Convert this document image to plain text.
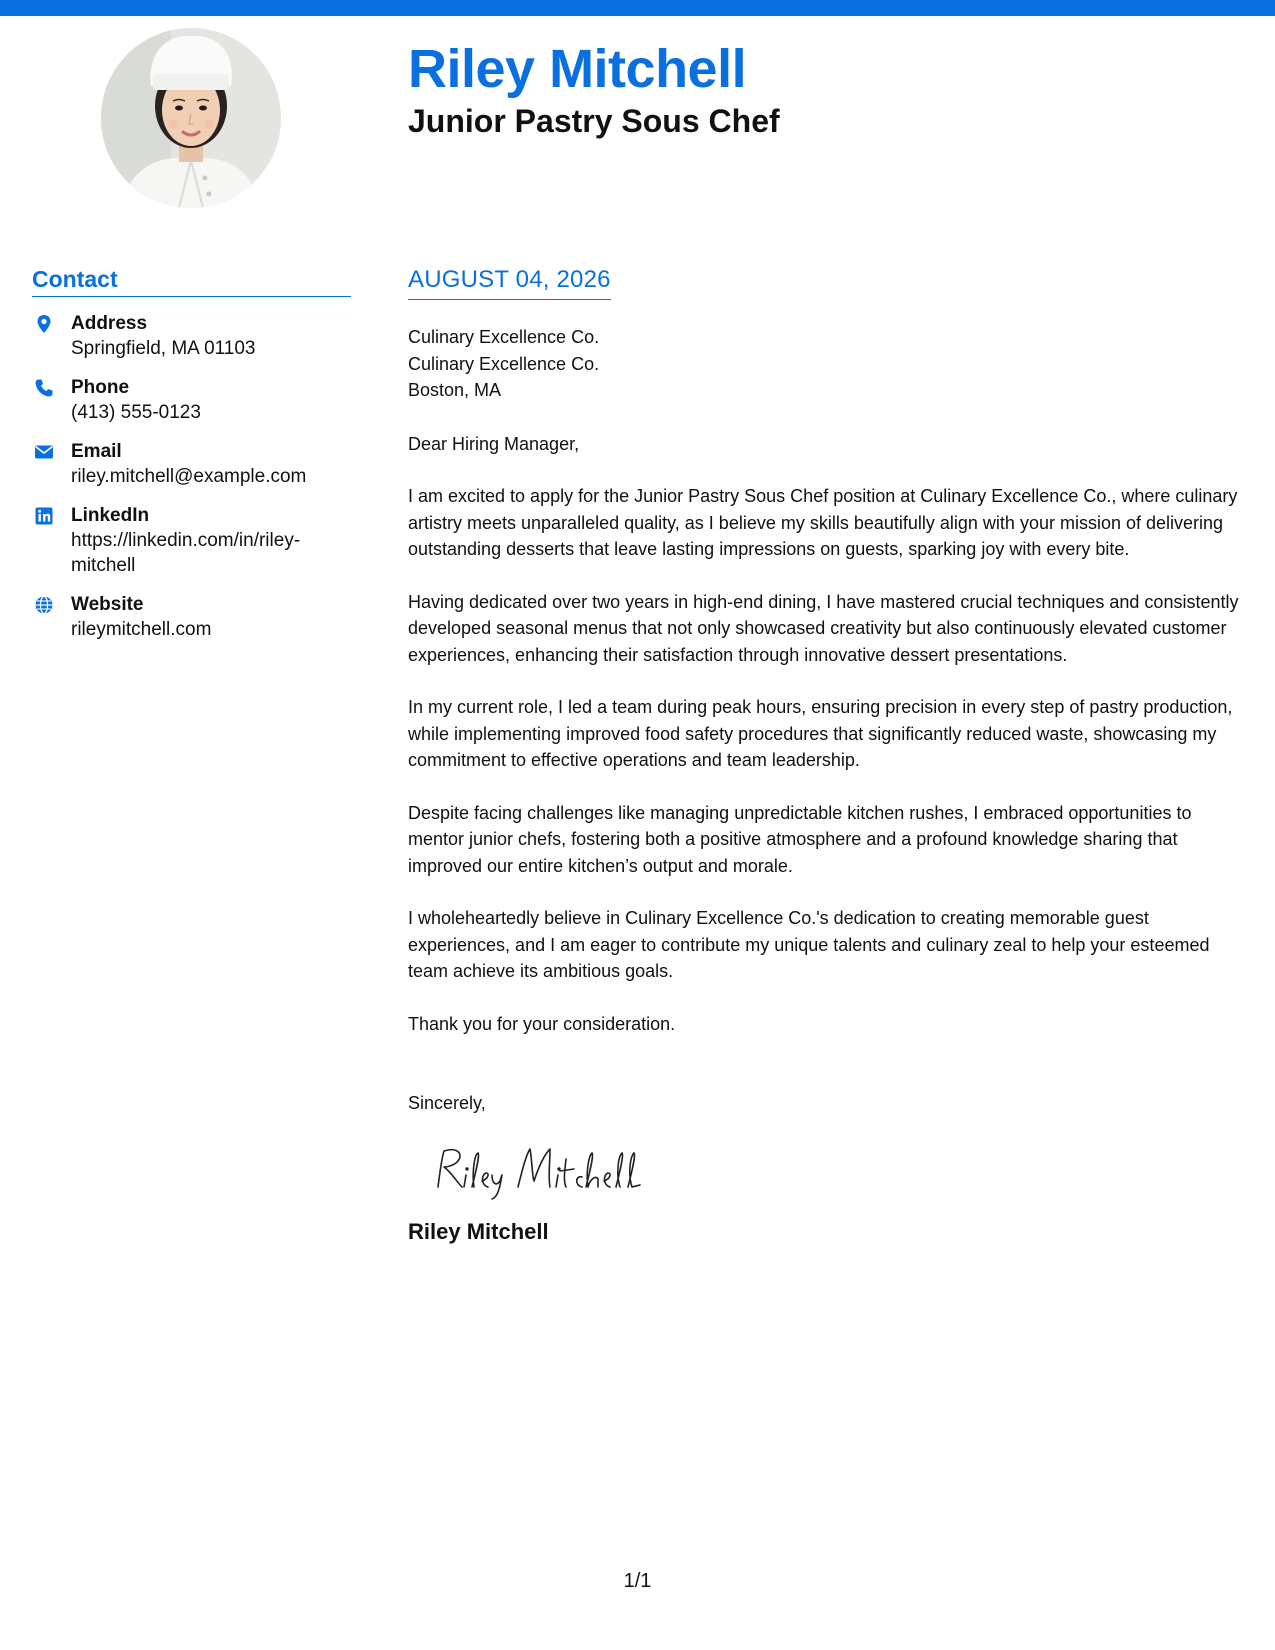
Riley Mitchell
Junior Pastry Sous Chef
Contact
Address
Springfield, MA 01103
Phone
(413) 555-0123
Email
riley.mitchell@example.com
LinkedIn
https://linkedin.com/in/riley-mitchell
Website
rileymitchell.com
AUGUST 04, 2026
Culinary Excellence Co.
Culinary Excellence Co.
Boston, MA
Dear Hiring Manager,

I am excited to apply for the Junior Pastry Sous Chef position at Culinary Excellence Co., where culinary artistry meets unparalleled quality, as I believe my skills beautifully align with your mission of delivering outstanding desserts that leave lasting impressions on guests, sparking joy with every bite.

Having dedicated over two years in high-end dining, I have mastered crucial techniques and consistently developed seasonal menus that not only showcased creativity but also continuously elevated customer experiences, enhancing their satisfaction through innovative dessert presentations.

In my current role, I led a team during peak hours, ensuring precision in every step of pastry production, while implementing improved food safety procedures that significantly reduced waste, showcasing my commitment to effective operations and team leadership.

Despite facing challenges like managing unpredictable kitchen rushes, I embraced opportunities to mentor junior chefs, fostering both a positive atmosphere and a profound knowledge sharing that improved our entire kitchen’s output and morale.

I wholeheartedly believe in Culinary Excellence Co.'s dedication to creating memorable guest experiences, and I am eager to contribute my unique talents and culinary zeal to help your esteemed team achieve its ambitious goals.

Thank you for your consideration.

Sincerely,
Riley Mitchell
1/1
